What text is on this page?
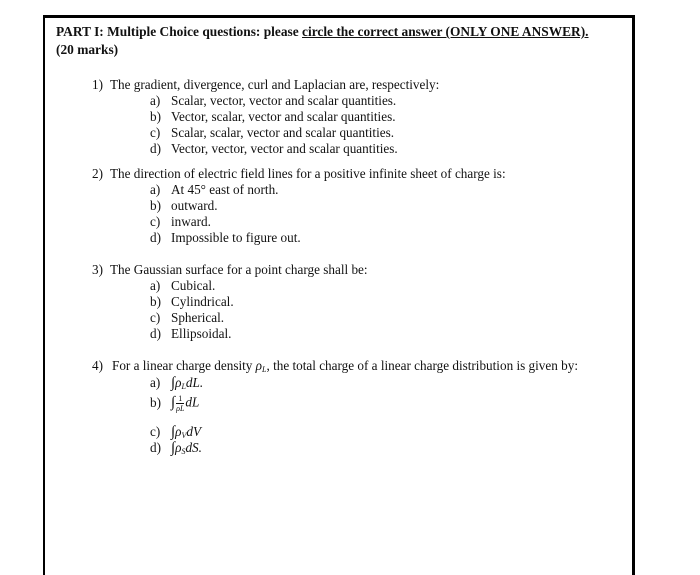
PART I: Multiple Choice questions: please circle the correct answer (ONLY ONE ANSWER).
(20 marks)
1) The gradient, divergence, curl and Laplacian are, respectively:
a) Scalar, vector, vector and scalar quantities.
b) Vector, scalar, vector and scalar quantities.
c) Scalar, scalar, vector and scalar quantities.
d) Vector, vector, vector and scalar quantities.
2) The direction of electric field lines for a positive infinite sheet of charge is:
a) At 45° east of north.
b) outward.
c) inward.
d) Impossible to figure out.
3) The Gaussian surface for a point charge shall be:
a) Cubical.
b) Cylindrical.
c) Spherical.
d) Ellipsoidal.
4) For a linear charge density $\rho_L$, the total charge of a linear charge distribution is given by:
a) $\int\rho_LdL$.
b) ∫ $\frac{1}{\rho L}$ dL
c) $\int\rho_VdV$
d) $\int\rho_SdS$.
